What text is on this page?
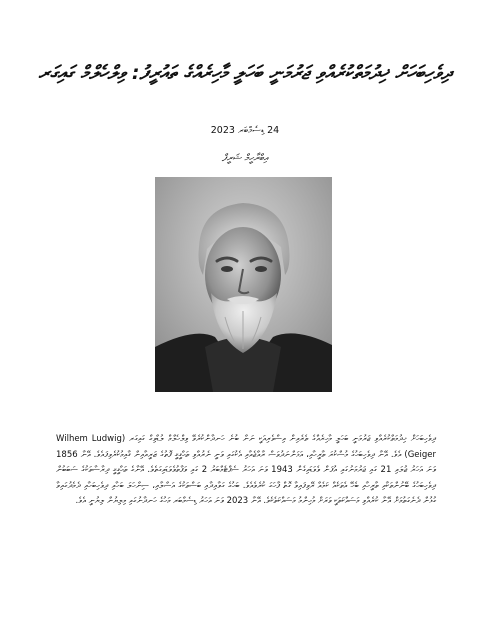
ދިވެހިބަހަށް ޚިދުމަތްކުރެއްވި ޖަރުމަނީ ބަހަލީ މާހިރެއްގެ ތައުރީފު: ވިލްހެލްމް ގައިގަރ
24 ޑިސެމްބަރ 2023
އިބްރާހީމް ޝަރީފް

ދިވެހިބަހަށް ޚިދުމަތްކުރެއްވި ޖަރުމަނީ ބަހަލީ މާހިރެއްގެ ތެރެއިން އިސްވެރިއަކީ ނަން ބުނެ ހަނދާންކުރެވޭ ވިލްހެލްމް ލުޑްވިގް ގައިގަރ (Wilhem Ludwig Geiger) އެވެ. އޭނާ ދިވެހިބަހުގެ މުސްކުރަ ތާރީހާއި، އަޅަންނަދުވަސް ރާއްޖެއާއި އެކުގައި ވަނީ ނެރުއްވި ތަޙްޤީޤީ ފޮތުގެ ޒަރީއާއިން ޤާއިމުކުރެވިފައެވެ. އޭނާ 1856 ވަނަ އަހަރު ޖުލައި 21 ގައި ޖަރުމަނުގައި އުފަން ވެވަޑައިގެން 1943 ވަނަ އަހަރު ސެޕްޓެމްބަރު 2 ގައި ވަފާތުވެވަޑައިގަތެވެ. އޭނާގެ ތަޙްޤީޤީ ދިރާސާތަކުގެ ސަބަބުން ދިވެހިބަހުގެ ބޭނުންތަކާއި ތާރީހާއި ބެހޭ އެތަކެއް ކަމެއް ރޭވިފައިވާ ގޮތް ފާހަގަ ކުރެވެއެވެ. ބަހުގެ ގަވާއިދާއި ބަސްތަކުގެ އަސްލާއި، ސިންހަލަ ބަހާއި ދިވެހިބަހާއި ދެމެދުގައިވާ ގުޅުން ދެނެގަތުމަށް އޭނާ ކުރެއްވި މަސައްކަތަކީ ވަރަށް މުހިންމު މަސައްކަތެކެވެ. އޭނާ 2023 ވަނަ އަހަރު ޑިސެމްބަރ މަހުގެ ހަނދާނުގައި މިލިޔުން ލިޔުނީ އެވެ.
